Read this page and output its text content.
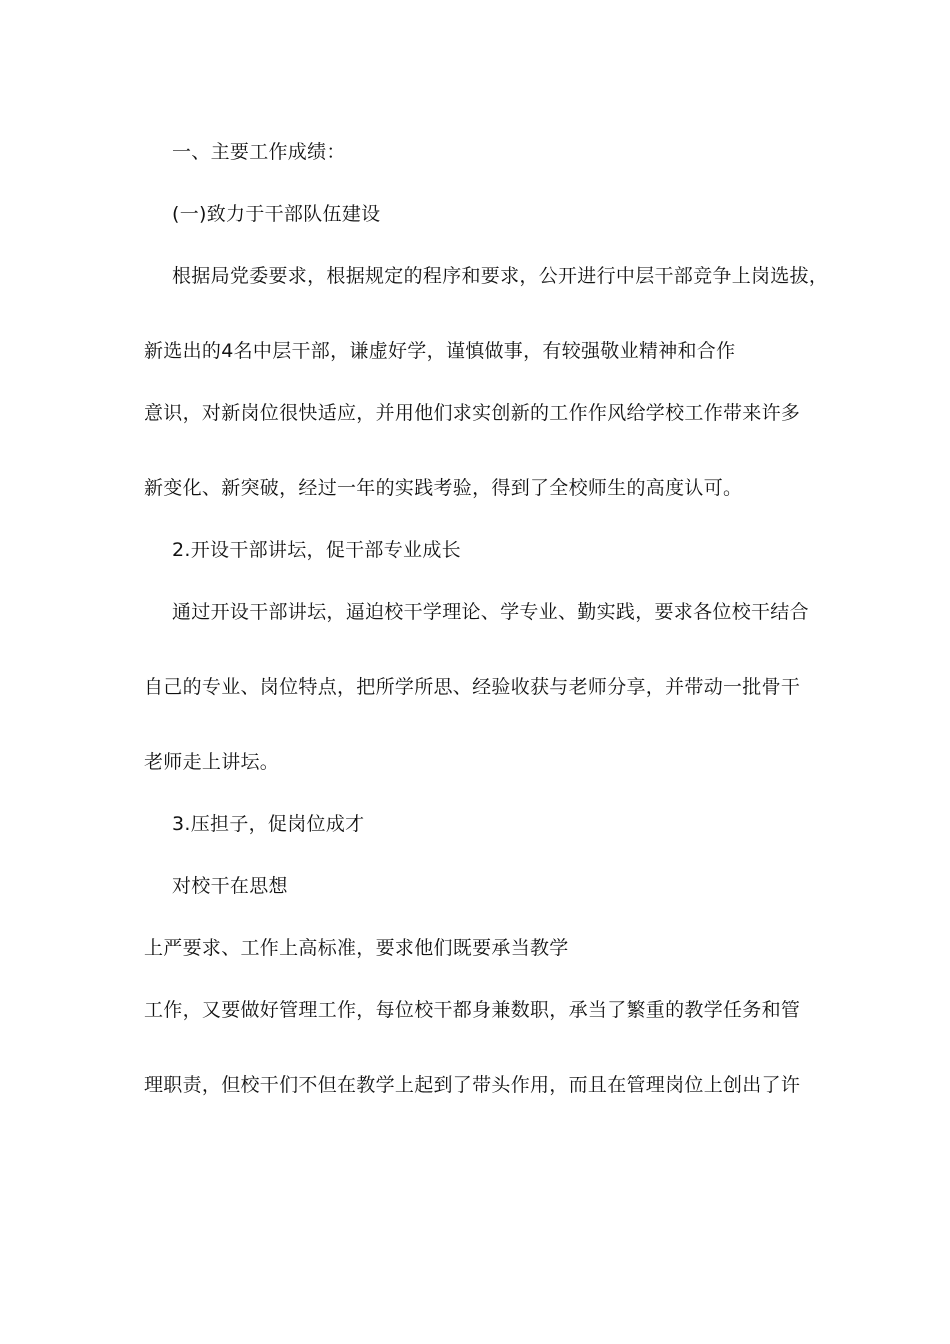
一、主要工作成绩：
(一)致力于干部队伍建设
根据局党委要求，根据规定的程序和要求，公开进行中层干部竞争上岗选拔，
新选出的4名中层干部，谦虚好学，谨慎做事，有较强敬业精神和合作
意识，对新岗位很快适应，并用他们求实创新的工作作风给学校工作带来许多
新变化、新突破，经过一年的实践考验，得到了全校师生的高度认可。
2.开设干部讲坛，促干部专业成长
通过开设干部讲坛，逼迫校干学理论、学专业、勤实践，要求各位校干结合
自己的专业、岗位特点，把所学所思、经验收获与老师分享，并带动一批骨干
老师走上讲坛。
3.压担子，促岗位成才
对校干在思想
上严要求、工作上高标准，要求他们既要承当教学
工作，又要做好管理工作，每位校干都身兼数职，承当了繁重的教学任务和管
理职责，但校干们不但在教学上起到了带头作用，而且在管理岗位上创出了许
